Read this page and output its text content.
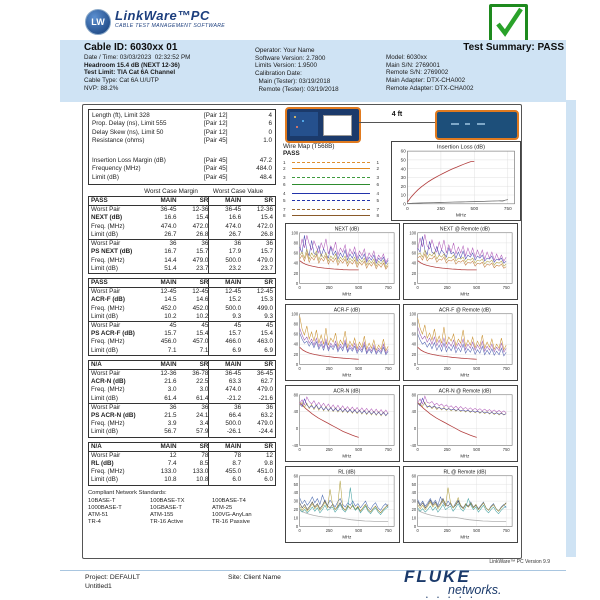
LW LinkWare™PC
CABLE TEST MANAGEMENT SOFTWARE
Cable ID: 6030xx 01
Date / Time: 03/03/2023  02:32:52 PM
Headroom 15.4 dB (NEXT 12-36)
Test Limit: TIA Cat 6A Channel
Cable Type: Cat 6A U/UTP
NVP: 88.2%
Operator: Your Name
Software Version: 2.7800
Limits Version: 1.9500
Calibration Date:
Main (Tester): 03/19/2018
Remote (Tester): 03/19/2018
Test Summary: PASS
Model: 6030xx
Main S/N: 2769001
Remote S/N: 2769002
Main Adapter: DTX-CHA002
Remote Adapter: DTX-CHA002
Length (ft), Limit 328	[Pair 12]	4
Prop. Delay (ns), Limit 555	[Pair 12]	6
Delay Skew (ns), Limit 50	[Pair 12]	0
Resistance (ohms)	[Pair 45]	1.0
Insertion Loss Margin (dB)	[Pair 45]	47.2
Frequency (MHz)	[Pair 45]	484.0
Limit (dB)	[Pair 45]	48.4
Worst Case Margin	Worst Case Value
PASS	MAIN	SR	MAIN	SR
Worst Pair	36-45	12-36	36-45	12-36
NEXT (dB)	16.6	15.4	16.6	15.4
Freq. (MHz)	474.0	472.0	474.0	472.0
Limit (dB)	26.7	26.8	26.7	26.8
Worst Pair	36	36	36	36
PS NEXT (dB)	16.7	15.7	17.9	15.7
Freq. (MHz)	14.4	479.0	500.0	479.0
Limit (dB)	51.4	23.7	23.2	23.7
PASS	MAIN	SR	MAIN	SR
Worst Pair	12-45	12-45	12-45	12-45
ACR-F (dB)	14.5	14.6	15.2	15.3
Freq. (MHz)	452.0	452.0	500.0	499.0
Limit (dB)	10.2	10.2	9.3	9.3
Worst Pair	45	45	45	45
PS ACR-F (dB)	15.7	15.4	15.7	15.4
Freq. (MHz)	456.0	457.0	466.0	463.0
Limit (dB)	7.1	7.1	6.9	6.9
N/A	MAIN	SR	MAIN	SR
Worst Pair	12-36	36-78	36-45	36-45
ACR-N (dB)	21.6	22.5	63.3	62.7
Freq. (MHz)	3.0	3.0	474.0	479.0
Limit (dB)	61.4	61.4	-21.2	-21.6
Worst Pair	36	36	36	36
PS ACR-N (dB)	21.5	24.1	66.4	63.2
Freq. (MHz)	3.9	3.4	500.0	479.0
Limit (dB)	56.7	57.9	-26.1	-24.4
N/A	MAIN	SR	MAIN	SR
Worst Pair	12	78	78	12
RL (dB)	7.4	8.5	8.7	9.8
Freq. (MHz)	133.0	133.0	455.0	451.0
Limit (dB)	10.8	10.8	6.0	6.0
Compliant Network Standards:
10BASE-T
1000BASE-T
ATM-51
TR-4
100BASE-TX
10GBASE-T
ATM-155
TR-16 Active
100BASE-T4
ATM-25
100VG-AnyLan
TR-16 Passive
4 ft
Wire Map (T568B)
PASS
1	1
2	2
3	3
6	6
4	4
5	5
7	7
8	8
0
10
20
30
40
50
60
0	250	500	750
Insertion Loss (dB)
MHz
0
20
40
60
80
100
0	250	500	750
NEXT (dB)
MHz
0
20
40
60
80
100
0	250	500	750
NEXT @ Remote (dB)
MHz
0
20
40
60
80
100
0	250	500	750
ACR-F (dB)
MHz
0
20
40
60
80
100
0	250	500	750
ACR-F @ Remote (dB)
MHz
-40
0
40
80
0	250	500	750
ACR-N (dB)
MHz
-40
0
40
80
0	250	500	750
ACR-N @ Remote (dB)
MHz
0
10
20
30
40
50
60
0	250	500	750
RL (dB)
MHz
0
10
20
30
40
50
60
0	250	500	750
RL @ Remote (dB)
MHz
LinkWare™ PC Version 9.9
Project: DEFAULT
Untitled1
Site: Client Name	FLUKE
networks.
• • • • •
